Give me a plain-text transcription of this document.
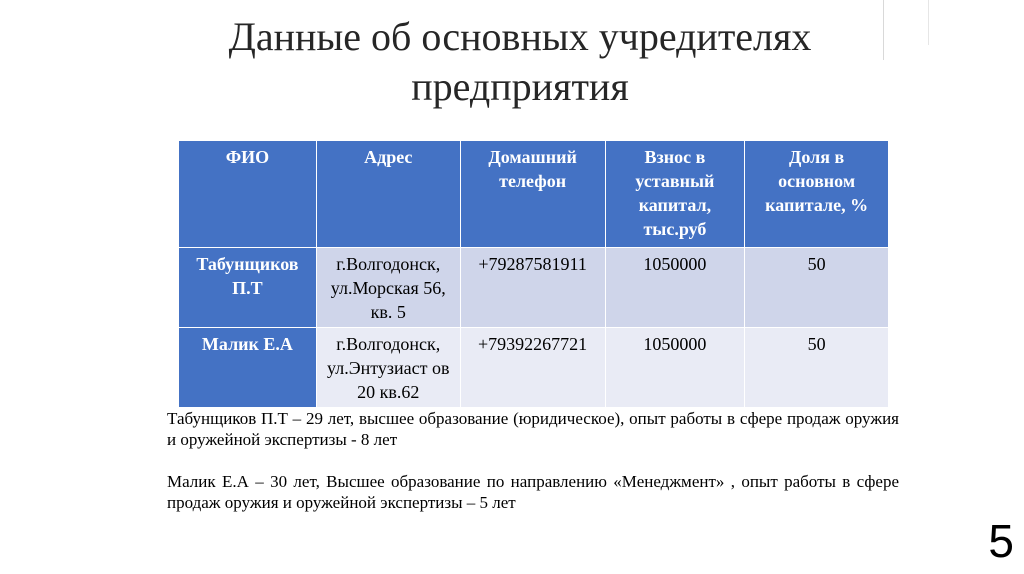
Данные об основных учредителях предприятия
ФИО	Адрес	Домашний телефон	Взнос в уставный капитал, тыс.руб	Доля в основном капитале, %
Табунщиков П.Т	г.Волгодонск, ул.Морская 56, кв. 5	+79287581911	1050000	50
Малик Е.А	г.Волгодонск, ул.Энтузиаст ов 20 кв.62	+79392267721	1050000	50

Табунщиков П.Т – 29 лет, высшее образование (юридическое), опыт работы в сфере продаж оружия и оружейной экспертизы - 8 лет

Малик Е.А – 30 лет, Высшее образование по направлению «Менеджмент» , опыт работы в сфере продаж оружия и оружейной экспертизы – 5 лет

5
